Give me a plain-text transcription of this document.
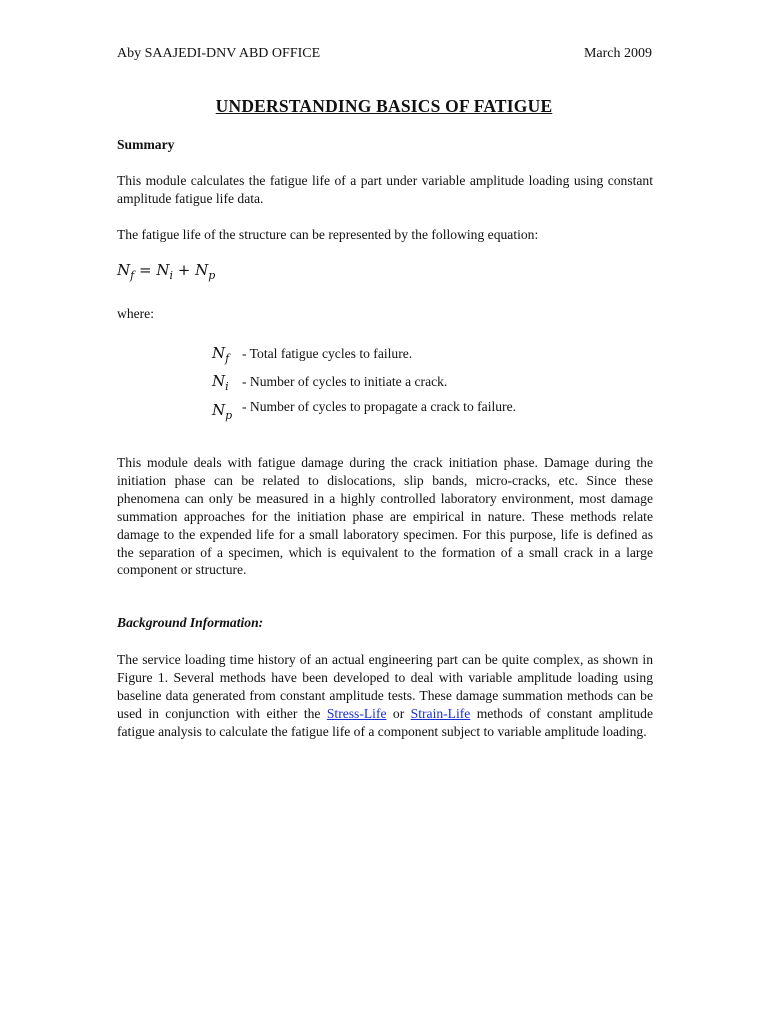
Aby SAAJEDI-DNV ABD OFFICE	March 2009
UNDERSTANDING BASICS OF FATIGUE
Summary
This module calculates the fatigue life of a part under variable amplitude loading using constant amplitude fatigue life data.
The fatigue life of the structure can be represented by the following equation:
$N_f = N_i + N_p$
where:
$N_f$ - Total fatigue cycles to failure.
$N_i$ - Number of cycles to initiate a crack.
$N_p$
- Number of cycles to propagate a crack to failure.
This module deals with fatigue damage during the crack initiation phase. Damage during the initiation phase can be related to dislocations, slip bands, micro-cracks, etc. Since these phenomena can only be measured in a highly controlled laboratory environment, most damage summation approaches for the initiation phase are empirical in nature. These methods relate damage to the expended life for a small laboratory specimen. For this purpose, life is defined as the separation of a specimen, which is equivalent to the formation of a small crack in a large component or structure.
Background Information:
The service loading time history of an actual engineering part can be quite complex, as shown in Figure 1. Several methods have been developed to deal with variable amplitude loading using baseline data generated from constant amplitude tests. These damage summation methods can be used in conjunction with either the Stress-Life or Strain-Life methods of constant amplitude fatigue analysis to calculate the fatigue life of a component subject to variable amplitude loading.
